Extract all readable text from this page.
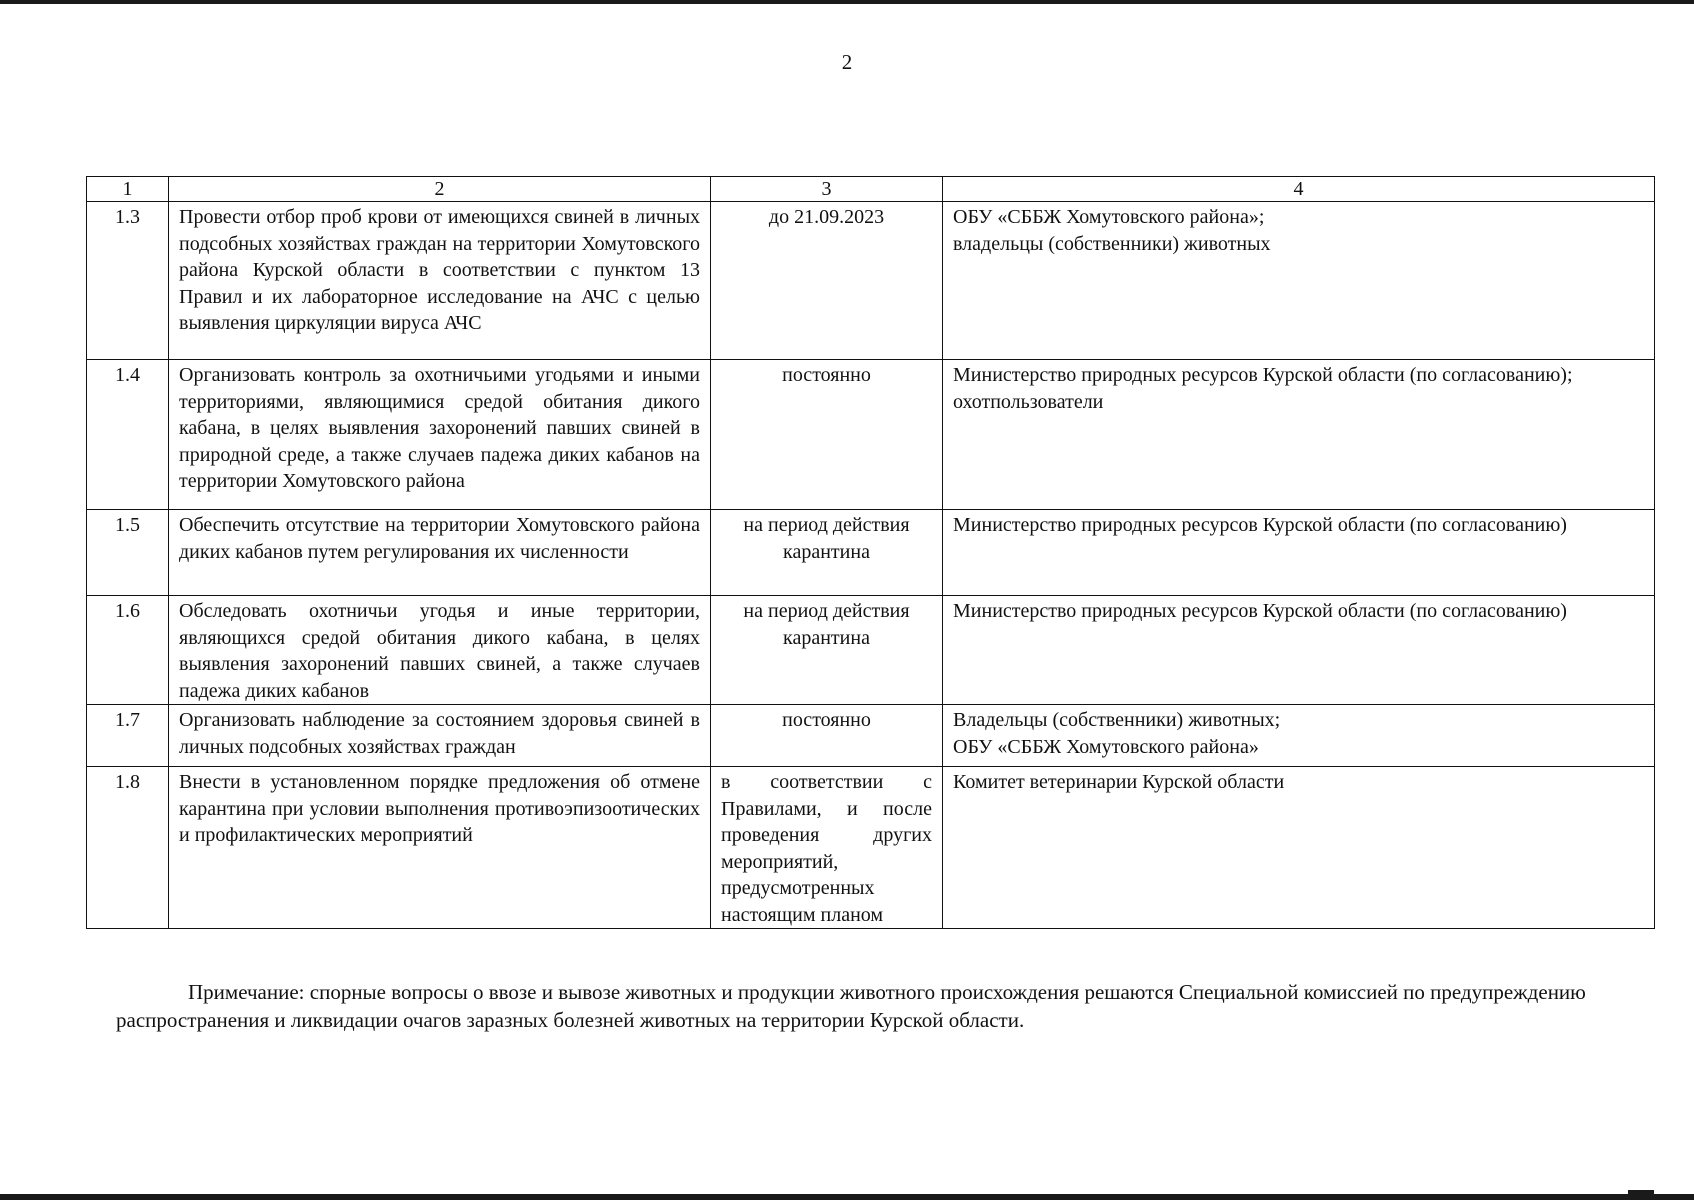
2
1	2	3	4
1.3	Провести отбор проб крови от имеющихся свиней в личных подсобных хозяйствах граждан на территории Хомутовского района Курской области в соответствии с пунктом 13 Правил и их лабораторное исследование на АЧС с целью выявления циркуляции вируса АЧС	до 21.09.2023	ОБУ «СББЖ Хомутовского района»;
владельцы (собственники) животных

1.4	Организовать контроль за охотничьими угодьями и иными территориями, являющимися средой обитания дикого кабана, в целях выявления захоронений павших свиней в природной среде, а также случаев падежа диких кабанов на территории Хомутовского района	постоянно	Министерство природных ресурсов Курской области (по согласованию);
охотпользователи

1.5	Обеспечить отсутствие на территории Хомутовского района диких кабанов путем регулирования их численности	на период действия карантина	Министерство природных ресурсов Курской области (по согласованию)

1.6	Обследовать охотничьи угодья и иные территории, являющихся средой обитания дикого кабана, в целях выявления захоронений павших свиней, а также случаев падежа диких кабанов	на период действия карантина	Министерство природных ресурсов Курской области (по согласованию)

1.7	Организовать наблюдение за состоянием здоровья свиней в личных подсобных хозяйствах граждан	постоянно	Владельцы (собственники) животных;
ОБУ «СББЖ Хомутовского района»

1.8	Внести в установленном порядке предложения об отмене карантина при условии выполнения противоэпизоотических и профилактических мероприятий	в соответствии с Правилами, и после проведения других мероприятий, предусмотренных настоящим планом	Комитет ветеринарии Курской области
Примечание: спорные вопросы о ввозе и вывозе животных и продукции животного происхождения решаются Специальной комиссией по предупреждению распространения и ликвидации очагов заразных болезней животных на территории Курской области.
